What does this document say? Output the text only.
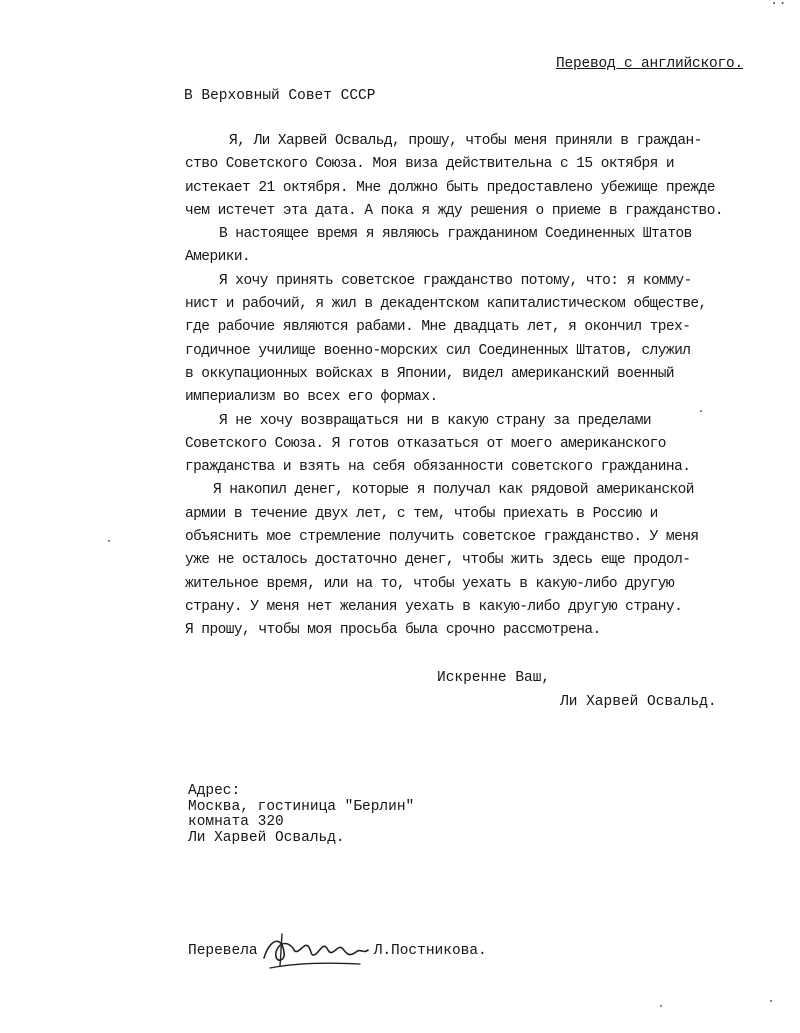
··
Перевод с английского.
В Верховный Совет СССР
Я, Ли Харвей Освальд, прошу, чтобы меня приняли в граждан-
ство Советского Союза. Моя виза действительна с 15 октября и
истекает 21 октября. Мне должно быть предоставлено убежище прежде
чем истечет эта дата. А пока я жду решения о приеме в гражданство.
В настоящее время я являюсь гражданином Соединенных Штатов
Америки.
Я хочу принять советское гражданство потому, что: я комму-
нист и рабочий, я жил в декадентском капиталистическом обществе,
где рабочие являются рабами. Мне двадцать лет, я окончил трех-
годичное училище военно-морских сил Соединенных Штатов, служил
в оккупационных войсках в Японии, видел американский военный
империализм во всех его формах.
Я не хочу возвращаться ни в какую страну за пределами
Советского Союза. Я готов отказаться от моего американского
гражданства и взять на себя обязанности советского гражданина.
Я накопил денег, которые я получал как рядовой американской
армии в течение двух лет, с тем, чтобы приехать в Россию и
объяснить мое стремление получить советское гражданство. У меня
уже не осталось достаточно денег, чтобы жить здесь еще продол-
жительное время, или на то, чтобы уехать в какую-либо другую
страну. У меня нет желания уехать в какую-либо другую страну.
Я прошу, чтобы моя просьба была срочно рассмотрена.
Искренне Ваш,
Ли Харвей Освальд.
Адрес:
Москва, гостиница "Берлин"
комната 320
Ли Харвей Освальд.
Перевела	Л.Постникова.
